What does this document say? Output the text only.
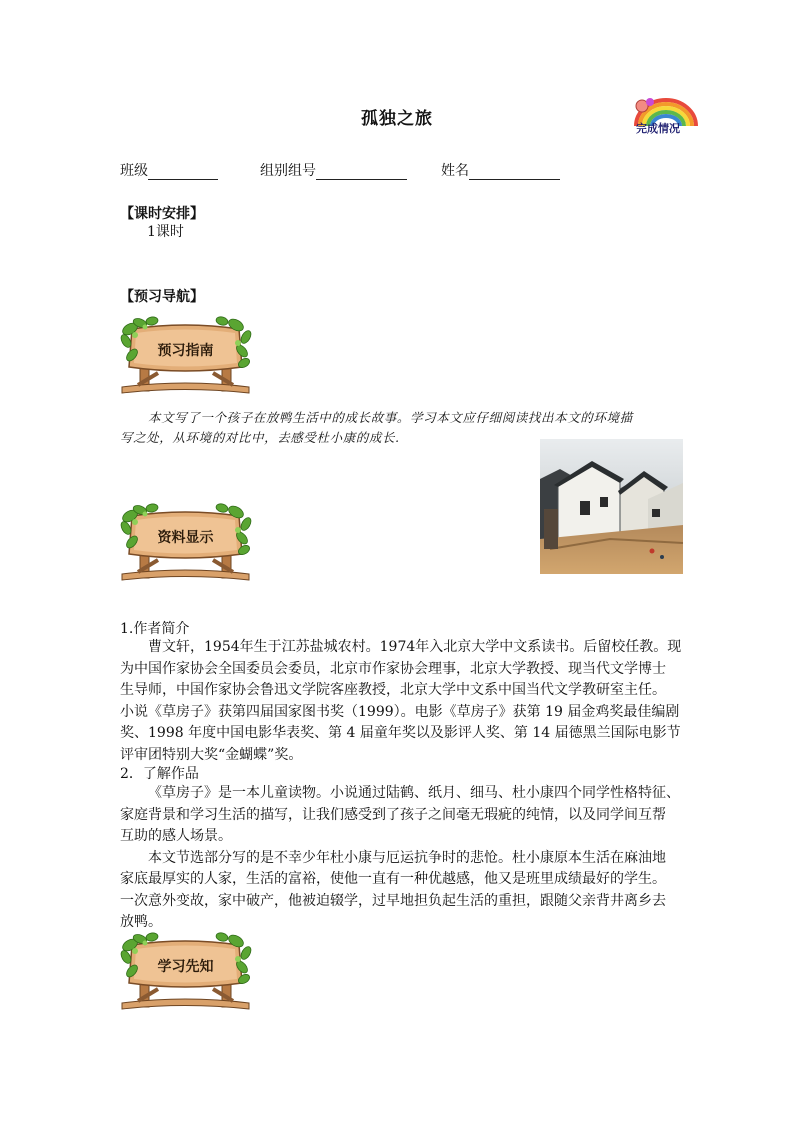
孤独之旅	完成情况
班级	组别组号	姓名
【课时安排】
1课时
【预习导航】
预习指南
本文写了一个孩子在放鸭生活中的成长故事。学习本文应仔细阅读找出本文的环境描
写之处，从环境的对比中，去感受杜小康的成长.
资料显示
1.作者简介
曹文轩，1954年生于江苏盐城农村。1974年入北京大学中文系读书。后留校任教。现
为中国作家协会全国委员会委员，北京市作家协会理事，北京大学教授、现当代文学博士
生导师，中国作家协会鲁迅文学院客座教授，北京大学中文系中国当代文学教研室主任。
小说《草房子》获第四届国家图书奖（1999）。电影《草房子》获第 19 届金鸡奖最佳编剧
奖、1998 年度中国电影华表奖、第 4 届童年奖以及影评人奖、第 14 届德黑兰国际电影节
评审团特别大奖“金蝴蝶”奖。
2．了解作品
《草房子》是一本儿童读物。小说通过陆鹤、纸月、细马、杜小康四个同学性格特征、
家庭背景和学习生活的描写，让我们感受到了孩子之间毫无瑕疵的纯情，以及同学间互帮
互助的感人场景。
本文节选部分写的是不幸少年杜小康与厄运抗争时的悲怆。杜小康原本生活在麻油地
家底最厚实的人家，生活的富裕，使他一直有一种优越感，他又是班里成绩最好的学生。
一次意外变故，家中破产，他被迫辍学，过早地担负起生活的重担，跟随父亲背井离乡去
放鸭。
学习先知
